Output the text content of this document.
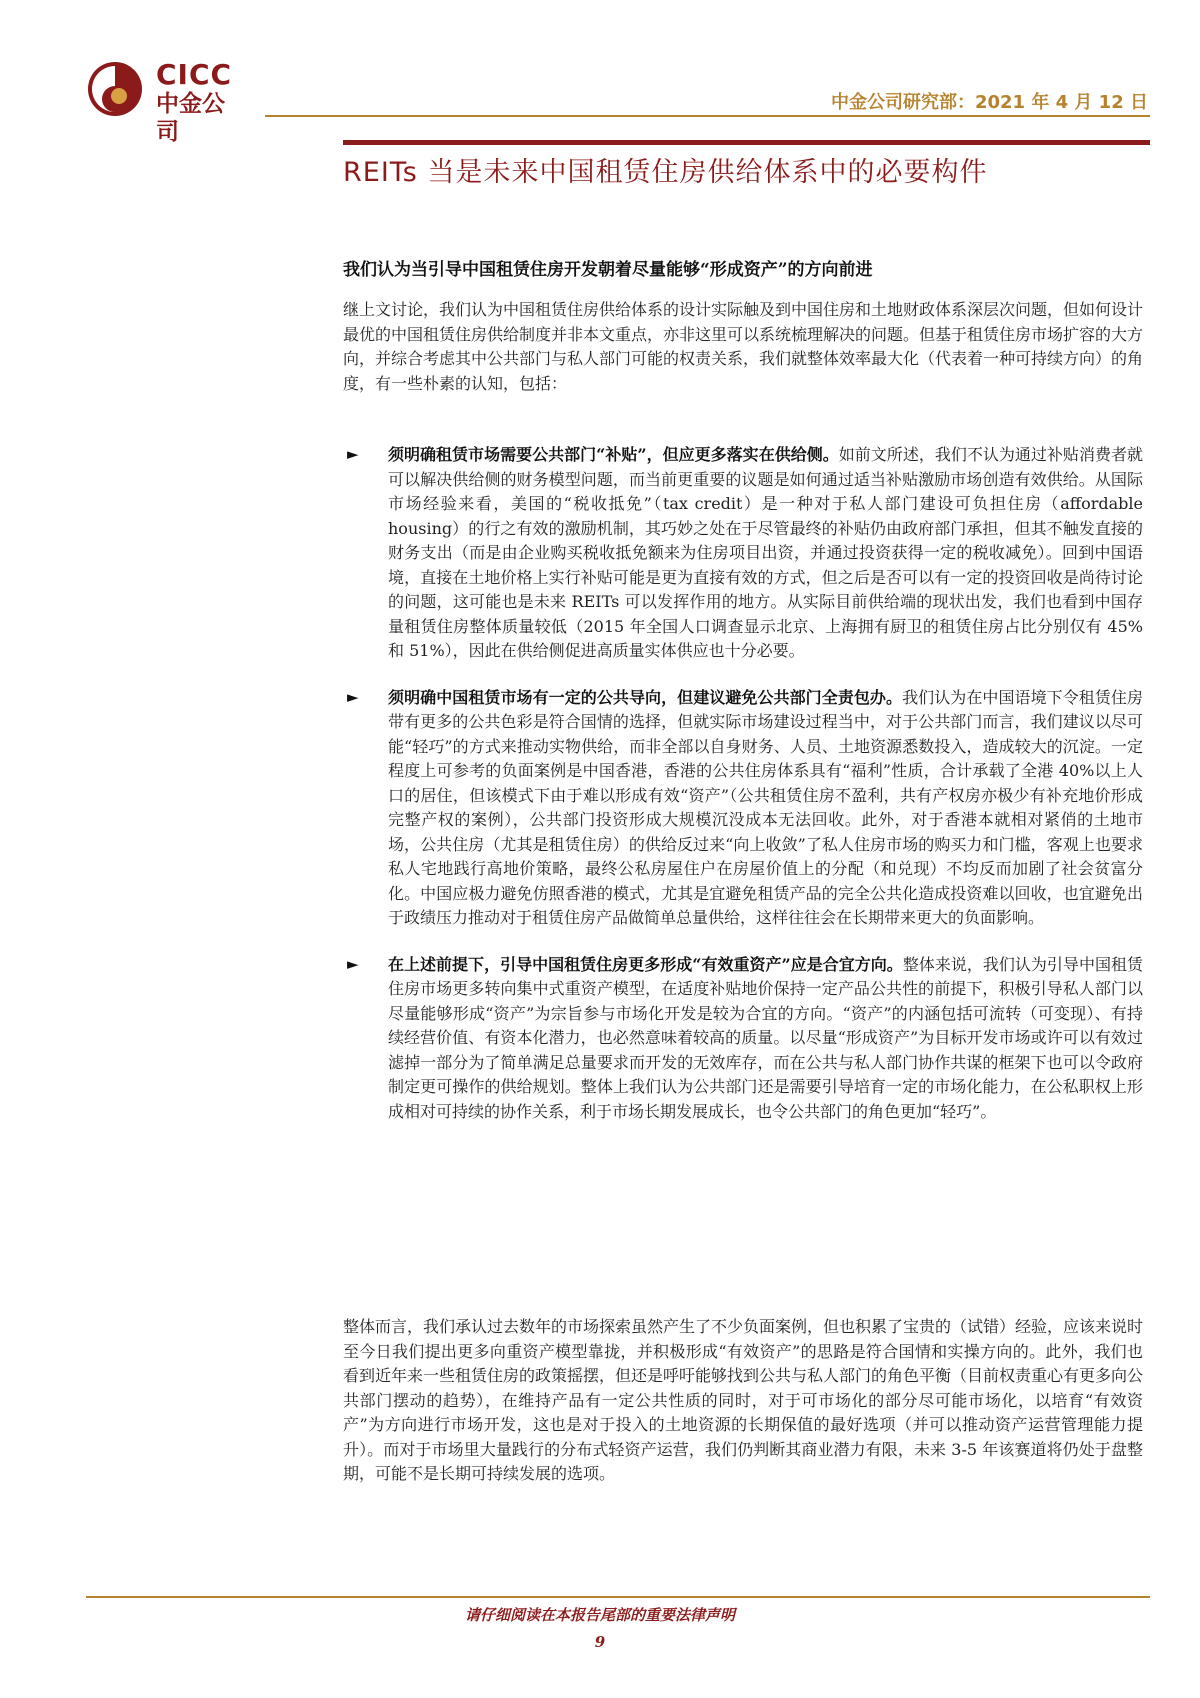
CICC
中金公司
中金公司研究部：2021 年 4 月 12 日
REITs 当是未来中国租赁住房供给体系中的必要构件
我们认为当引导中国租赁住房开发朝着尽量能够“形成资产”的方向前进

继上文讨论，我们认为中国租赁住房供给体系的设计实际触及到中国住房和土地财政体系深层次问题，但如何设计最优的中国租赁住房供给制度并非本文重点，亦非这里可以系统梳理解决的问题。但基于租赁住房市场扩容的大方向，并综合考虑其中公共部门与私人部门可能的权责关系，我们就整体效率最大化（代表着一种可持续方向）的角度，有一些朴素的认知，包括：

► 须明确租赁市场需要公共部门“补贴”，但应更多落实在供给侧。如前文所述，我们不认为通过补贴消费者就可以解决供给侧的财务模型问题，而当前更重要的议题是如何通过适当补贴激励市场创造有效供给。从国际市场经验来看，美国的“税收抵免”（tax credit）是一种对于私人部门建设可负担住房（affordable housing）的行之有效的激励机制，其巧妙之处在于尽管最终的补贴仍由政府部门承担，但其不触发直接的财务支出（而是由企业购买税收抵免额来为住房项目出资，并通过投资获得一定的税收减免）。回到中国语境，直接在土地价格上实行补贴可能是更为直接有效的方式，但之后是否可以有一定的投资回收是尚待讨论的问题，这可能也是未来 REITs 可以发挥作用的地方。从实际目前供给端的现状出发，我们也看到中国存量租赁住房整体质量较低（2015 年全国人口调查显示北京、上海拥有厨卫的租赁住房占比分别仅有 45%和 51%），因此在供给侧促进高质量实体供应也十分必要。

► 须明确中国租赁市场有一定的公共导向，但建议避免公共部门全责包办。我们认为在中国语境下令租赁住房带有更多的公共色彩是符合国情的选择，但就实际市场建设过程当中，对于公共部门而言，我们建议以尽可能“轻巧”的方式来推动实物供给，而非全部以自身财务、人员、土地资源悉数投入，造成较大的沉淀。一定程度上可参考的负面案例是中国香港，香港的公共住房体系具有“福利”性质，合计承载了全港 40%以上人口的居住，但该模式下由于难以形成有效“资产”（公共租赁住房不盈利，共有产权房亦极少有补充地价形成完整产权的案例），公共部门投资形成大规模沉没成本无法回收。此外，对于香港本就相对紧俏的土地市场，公共住房（尤其是租赁住房）的供给反过来“向上收敛”了私人住房市场的购买力和门槛，客观上也要求私人宅地践行高地价策略，最终公私房屋住户在房屋价值上的分配（和兑现）不均反而加剧了社会贫富分化。中国应极力避免仿照香港的模式，尤其是宜避免租赁产品的完全公共化造成投资难以回收，也宜避免出于政绩压力推动对于租赁住房产品做简单总量供给，这样往往会在长期带来更大的负面影响。

► 在上述前提下，引导中国租赁住房更多形成“有效重资产”应是合宜方向。整体来说，我们认为引导中国租赁住房市场更多转向集中式重资产模型，在适度补贴地价保持一定产品公共性的前提下，积极引导私人部门以尽量能够形成“资产”为宗旨参与市场化开发是较为合宜的方向。“资产”的内涵包括可流转（可变现）、有持续经营价值、有资本化潜力，也必然意味着较高的质量。以尽量“形成资产”为目标开发市场或许可以有效过滤掉一部分为了简单满足总量要求而开发的无效库存，而在公共与私人部门协作共谋的框架下也可以令政府制定更可操作的供给规划。整体上我们认为公共部门还是需要引导培育一定的市场化能力，在公私职权上形成相对可持续的协作关系，利于市场长期发展成长，也令公共部门的角色更加“轻巧”。

整体而言，我们承认过去数年的市场探索虽然产生了不少负面案例，但也积累了宝贵的（试错）经验，应该来说时至今日我们提出更多向重资产模型靠拢，并积极形成“有效资产”的思路是符合国情和实操方向的。此外，我们也看到近年来一些租赁住房的政策摇摆，但还是呼吁能够找到公共与私人部门的角色平衡（目前权责重心有更多向公共部门摆动的趋势），在维持产品有一定公共性质的同时，对于可市场化的部分尽可能市场化，以培育“有效资产”为方向进行市场开发，这也是对于投入的土地资源的长期保值的最好选项（并可以推动资产运营管理能力提升）。而对于市场里大量践行的分布式轻资产运营，我们仍判断其商业潜力有限，未来 3-5 年该赛道将仍处于盘整期，可能不是长期可持续发展的选项。

请仔细阅读在本报告尾部的重要法律声明
9
